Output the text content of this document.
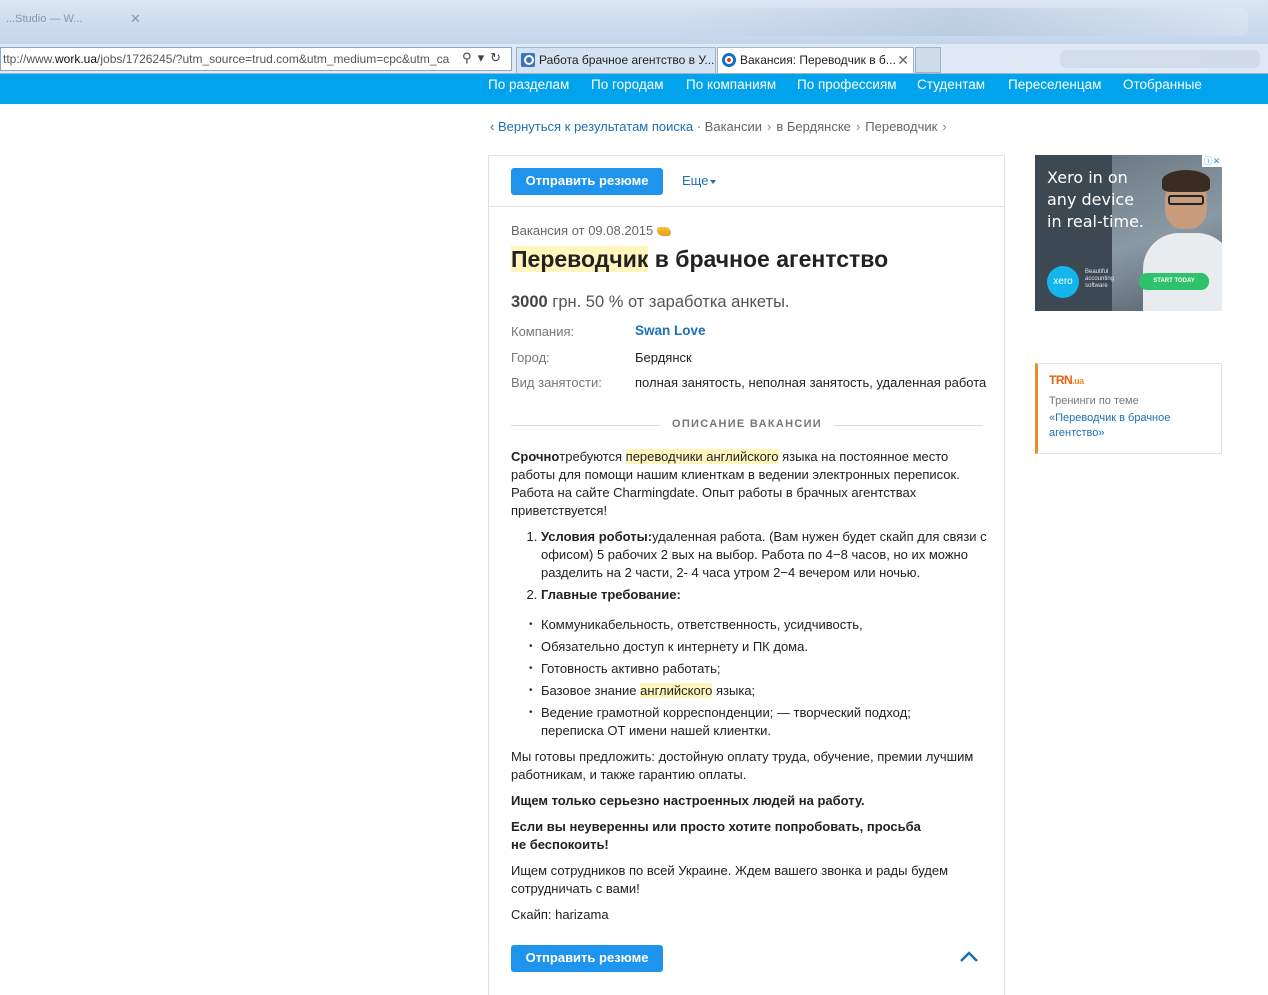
...Studio — W...	✕
ttp://www.work.ua/jobs/1726245/?utm_source=trud.com&utm_medium=cpc&utm_ca ⚲▾↻	Работа брачное агентство в У...	Вакансия: Переводчик в б... ✕
По разделам По городам По компаниям По профессиям Студентам Переселенцам Отобранные
‹ Вернуться к результатам поиска · Вакансии › в Бердянске › Переводчик ›
Отправить резюме	Еще
Вакансия от 09.08.2015
Переводчик в брачное агентство
3000 грн. 50 % от заработка анкеты.
Компания:	Swan Love
Город:	Бердянск
Вид занятости:	полная занятость, неполная занятость, удаленная работа
ОПИСАНИЕ ВАКАНСИИ

Срочнотребуются переводчики английского языка на постоянное место работы для помощи нашим клиенткам в ведении электронных переписок. Работа на сайте Charmingdate. Опыт работы в брачных агентствах приветствуется!

1. Условия роботы:удаленная работа. (Вам нужен будет скайп для связи с офисом) 5 рабочих 2 вых на выбор. Работа по 4−8 часов, но их можно разделить на 2 части, 2- 4 часа утром 2−4 вечером или ночью.
2. Главные требование:
• Коммуникабельность, ответственность, усидчивость,
• Обязательно доступ к интернету и ПК дома.
• Готовность активно работать;
• Базовое знание английского языка;
• Ведение грамотной корреспонденции; — творческий подход; переписка ОТ имени нашей клиентки.

Мы готовы предложить: достойную оплату труда, обучение, премии лучшим работникам, и также гарантию оплаты.

Ищем только серьезно настроенных людей на работу.

Если вы неуверенны или просто хотите попробовать, просьба не беспокоить!

Ищем сотрудников по всей Украине. Ждем вашего звонка и рады будем сотрудничать с вами!

Скайп: harizama

Отправить резюме
Xero in on
any device
in real-time.
xero
Beautiful accounting software
START TODAY
ⓘ✕
TRN.ua
Тренинги по теме
«Переводчик в брачное агентство»
